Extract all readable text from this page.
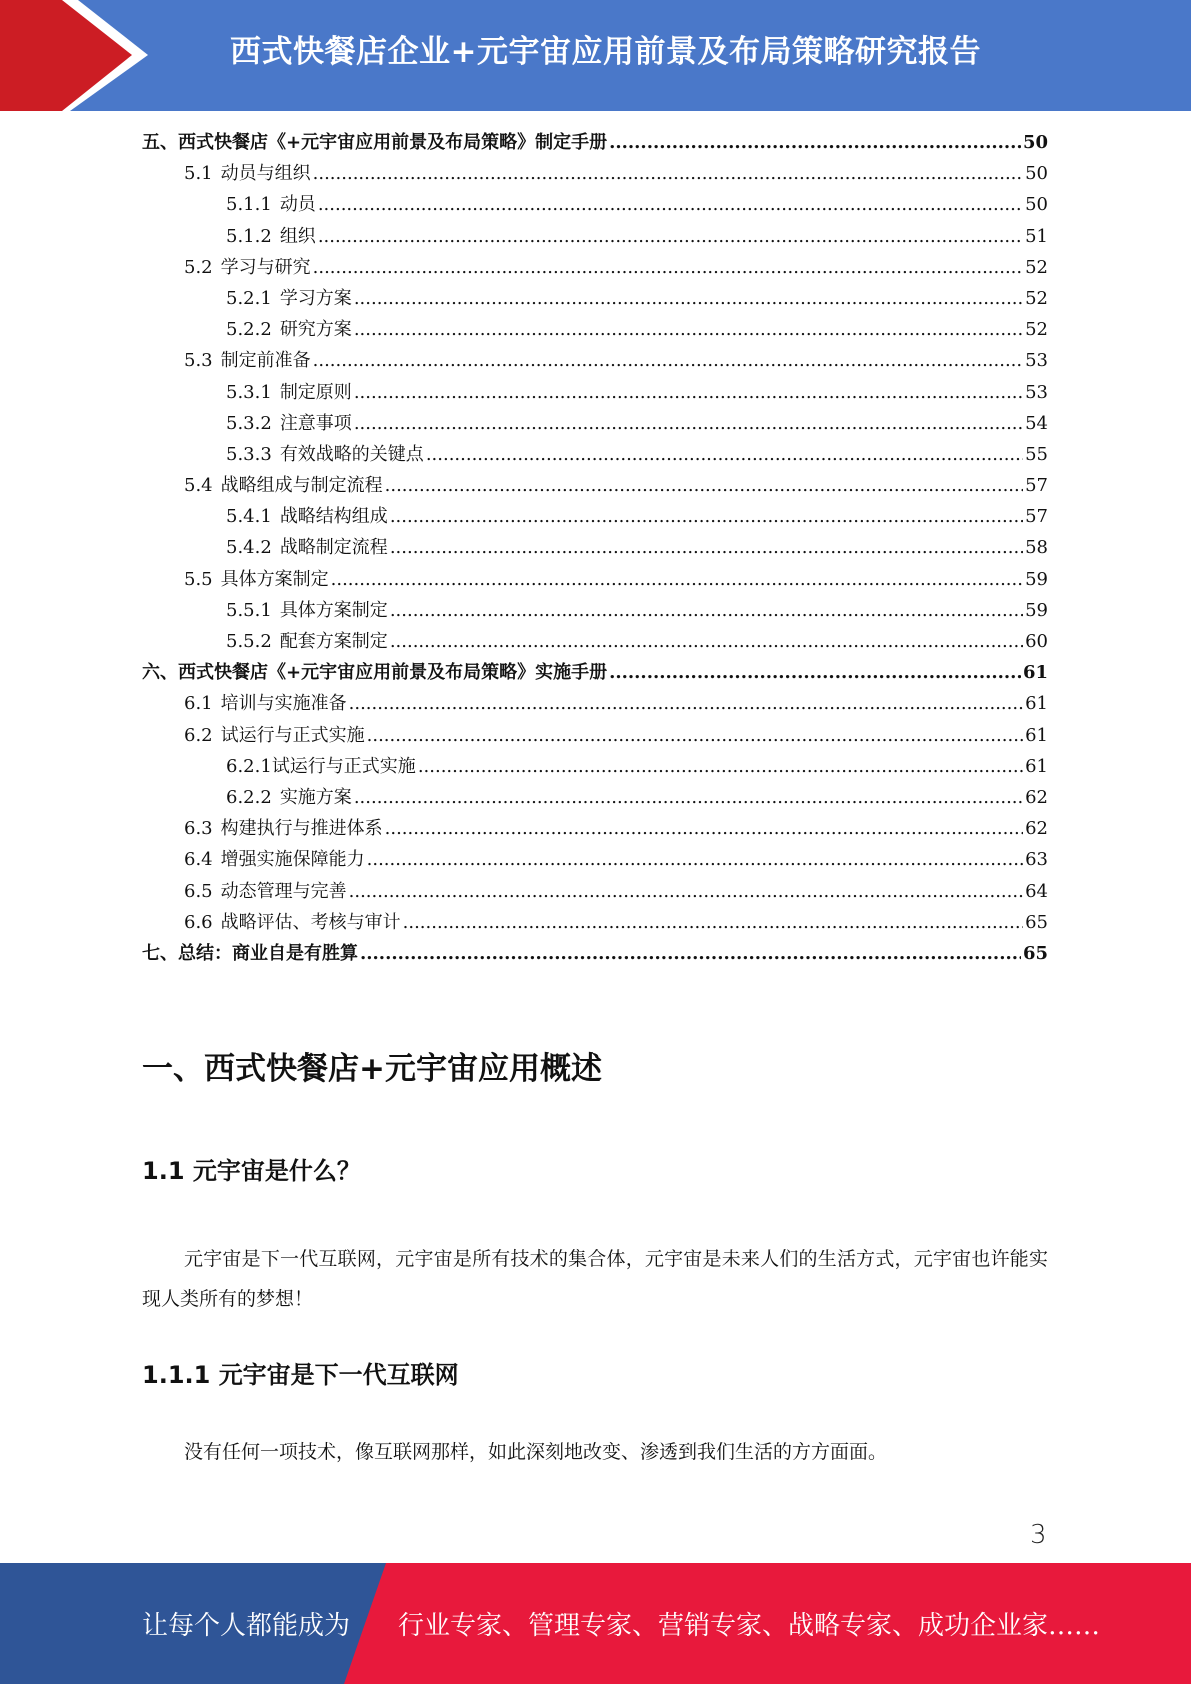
西式快餐店企业+元宇宙应用前景及布局策略研究报告
五、 西式快餐店《+元宇宙应用前景及布局策略》制定手册 .....	50
5.1 动员与组织 .....	50
5.1.1 动员 .....	50
5.1.2 组织 .....	51
5.2 学习与研究 .....	52
5.2.1 学习方案 .....	52
5.2.2 研究方案 .....	52
5.3 制定前准备 .....	53
5.3.1 制定原则 .....	53
5.3.2 注意事项 .....	54
5.3.3 有效战略的关键点 .....	55
5.4 战略组成与制定流程 .....	57
5.4.1 战略结构组成 .....	57
5.4.2 战略制定流程 .....	58
5.5 具体方案制定 .....	59
5.5.1 具体方案制定 .....	59
5.5.2 配套方案制定 .....	60
六、 西式快餐店《+元宇宙应用前景及布局策略》实施手册 .....	61
6.1 培训与实施准备 .....	61
6.2 试运行与正式实施 .....	61
6.2.1 试运行与正式实施 .....	61
6.2.2 实施方案 .....	62
6.3 构建执行与推进体系 .....	62
6.4 增强实施保障能力 .....	63
6.5 动态管理与完善 .....	64
6.6 战略评估、考核与审计 .....	65
七、 总结：商业自是有胜算 .....	65
一、西式快餐店+元宇宙应用概述
1.1 元宇宙是什么？
元宇宙是下一代互联网，元宇宙是所有技术的集合体，元宇宙是未来人们的生活方式，元宇宙也许能实现人类所有的梦想！
1.1.1 元宇宙是下一代互联网
没有任何一项技术，像互联网那样，如此深刻地改变、渗透到我们生活的方方面面。
3
让每个人都能成为 行业专家、管理专家、营销专家、战略专家、成功企业家……
